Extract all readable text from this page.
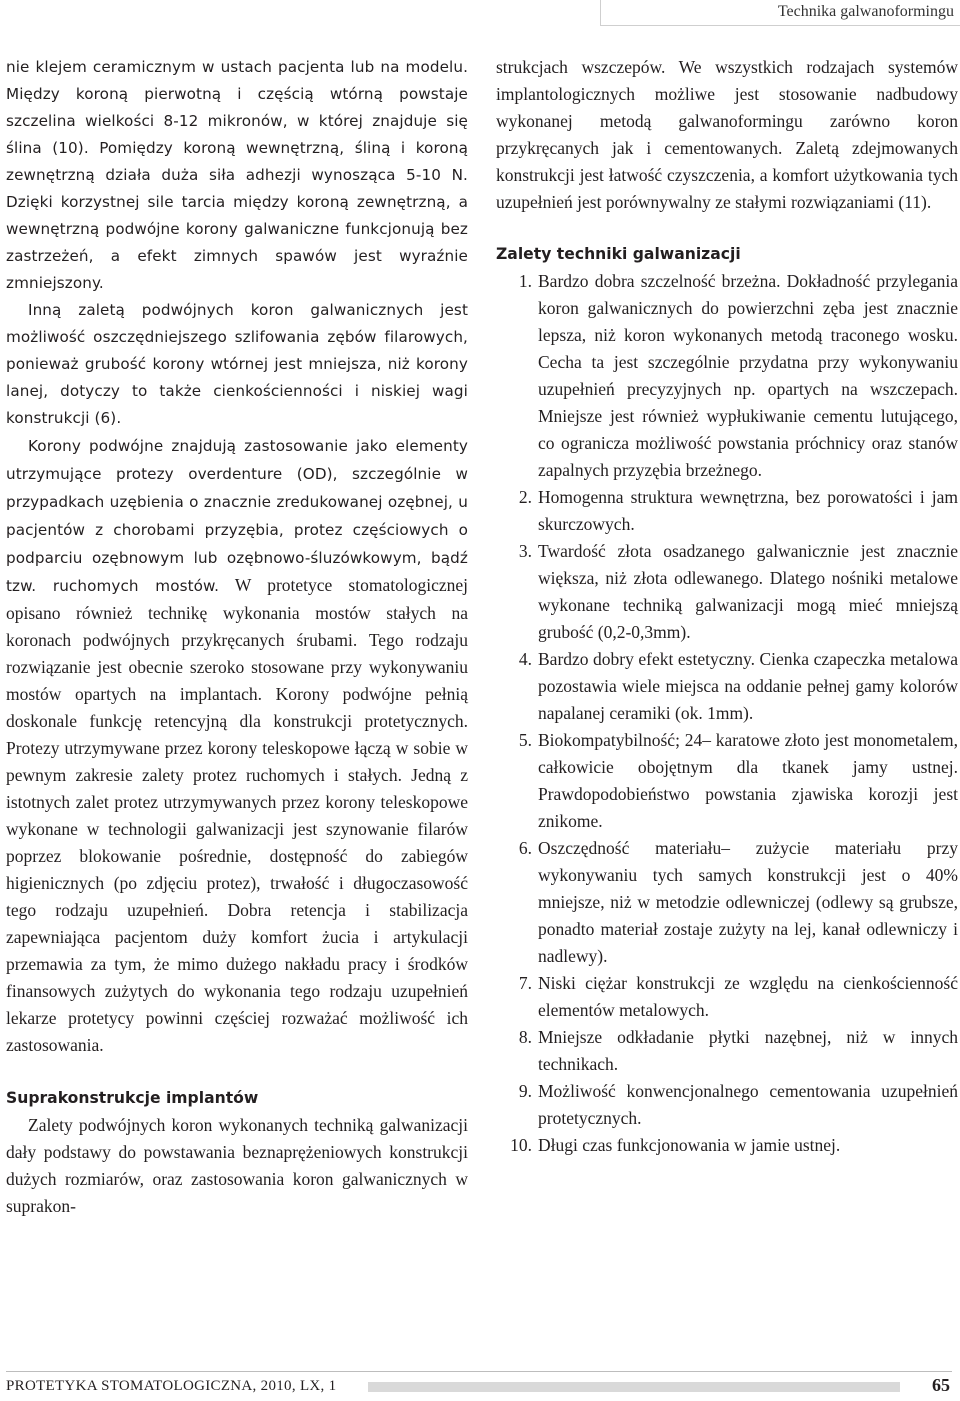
Technika galwanoformingu

nie klejem ceramicznym w ustach pacjenta lub na modelu. Między koroną pierwotną i częścią wtórną powstaje szczelina wielkości 8-12 mikronów, w której znajduje się ślina (10). Pomiędzy koroną wewnętrzną, śliną i koroną zewnętrzną działa duża siła adhezji wynosząca 5-10 N. Dzięki korzystnej sile tarcia między koroną zewnętrzną, a wewnętrzną podwójne korony galwaniczne funkcjonują bez zastrzeżeń, a efekt zimnych spawów jest wyraźnie zmniejszony.

Inną zaletą podwójnych koron galwanicznych jest możliwość oszczędniejszego szlifowania zębów filarowych, ponieważ grubość korony wtórnej jest mniejsza, niż korony lanej, dotyczy to także cienkościenności i niskiej wagi konstrukcji (6).

Korony podwójne znajdują zastosowanie jako elementy utrzymujące protezy overdenture (OD), szczególnie w przypadkach uzębienia o znacznie zredukowanej ozębnej, u pacjentów z chorobami przyzębia, protez częściowych o podparciu ozębnowym lub ozębnowo-śluzówkowym, bądź tzw. ruchomych mostów. W protetyce stomatologicznej opisano również technikę wykonania mostów stałych na koronach podwójnych przykręcanych śrubami. Tego rodzaju rozwiązanie jest obecnie szeroko stosowane przy wykonywaniu mostów opartych na implantach. Korony podwójne pełnią doskonale funkcję retencyjną dla konstrukcji protetycznych. Protezy utrzymywane przez korony teleskopowe łączą w sobie w pewnym zakresie zalety protez ruchomych i stałych. Jedną z istotnych zalet protez utrzymywanych przez korony teleskopowe wykonane w technologii galwanizacji jest szynowanie filarów poprzez blokowanie pośrednie, dostępność do zabiegów higienicznych (po zdjęciu protez), trwałość i długoczasowość tego rodzaju uzupełnień. Dobra retencja i stabilizacja zapewniająca pacjentom duży komfort żucia i artykulacji przemawia za tym, że mimo dużego nakładu pracy i środków finansowych zużytych do wykonania tego rodzaju uzupełnień lekarze protetycy powinni częściej rozważać możliwość ich zastosowania.

Suprakonstrukcje implantów

Zalety podwójnych koron wykonanych techniką galwanizacji dały podstawy do powstawania beznaprężeniowych konstrukcji dużych rozmiarów, oraz zastosowania koron galwanicznych w suprakon-

strukcjach wszczepów. We wszystkich rodzajach systemów implantologicznych możliwe jest stosowanie nadbudowy wykonanej metodą galwanoformingu zarówno koron przykręcanych jak i cementowanych. Zaletą zdejmowanych konstrukcji jest łatwość czyszczenia, a komfort użytkowania tych uzupełnień jest porównywalny ze stałymi rozwiązaniami (11).

Zalety techniki galwanizacji
1. Bardzo dobra szczelność brzeżna. Dokładność przylegania koron galwanicznych do powierzchni zęba jest znacznie lepsza, niż koron wykonanych metodą traconego wosku. Cecha ta jest szczególnie przydatna przy wykonywaniu uzupełnień precyzyjnych np. opartych na wszczepach. Mniejsze jest również wypłukiwanie cementu lutującego, co ogranicza możliwość powstania próchnicy oraz stanów zapalnych przyzębia brzeżnego.
2. Homogenna struktura wewnętrzna, bez porowatości i jam skurczowych.
3. Twardość złota osadzanego galwanicznie jest znacznie większa, niż złota odlewanego. Dlatego nośniki metalowe wykonane techniką galwanizacji mogą mieć mniejszą grubość (0,2-0,3mm).
4. Bardzo dobry efekt estetyczny. Cienka czapeczka metalowa pozostawia wiele miejsca na oddanie pełnej gamy kolorów napalanej ceramiki (ok. 1mm).
5. Biokompatybilność; 24– karatowe złoto jest monometalem, całkowicie obojętnym dla tkanek jamy ustnej. Prawdopodobieństwo powstania zjawiska korozji jest znikome.
6. Oszczędność materiału– zużycie materiału przy wykonywaniu tych samych konstrukcji jest o 40% mniejsze, niż w metodzie odlewniczej (odlewy są grubsze, ponadto materiał zostaje zużyty na lej, kanał odlewniczy i nadlewy).
7. Niski ciężar konstrukcji ze względu na cienkościenność elementów metalowych.
8. Mniejsze odkładanie płytki nazębnej, niż w innych technikach.
9. Możliwość konwencjonalnego cementowania uzupełnień protetycznych.
10. Długi czas funkcjonowania w jamie ustnej.
PROTETYKA STOMATOLOGICZNA, 2010, LX, 1	65
